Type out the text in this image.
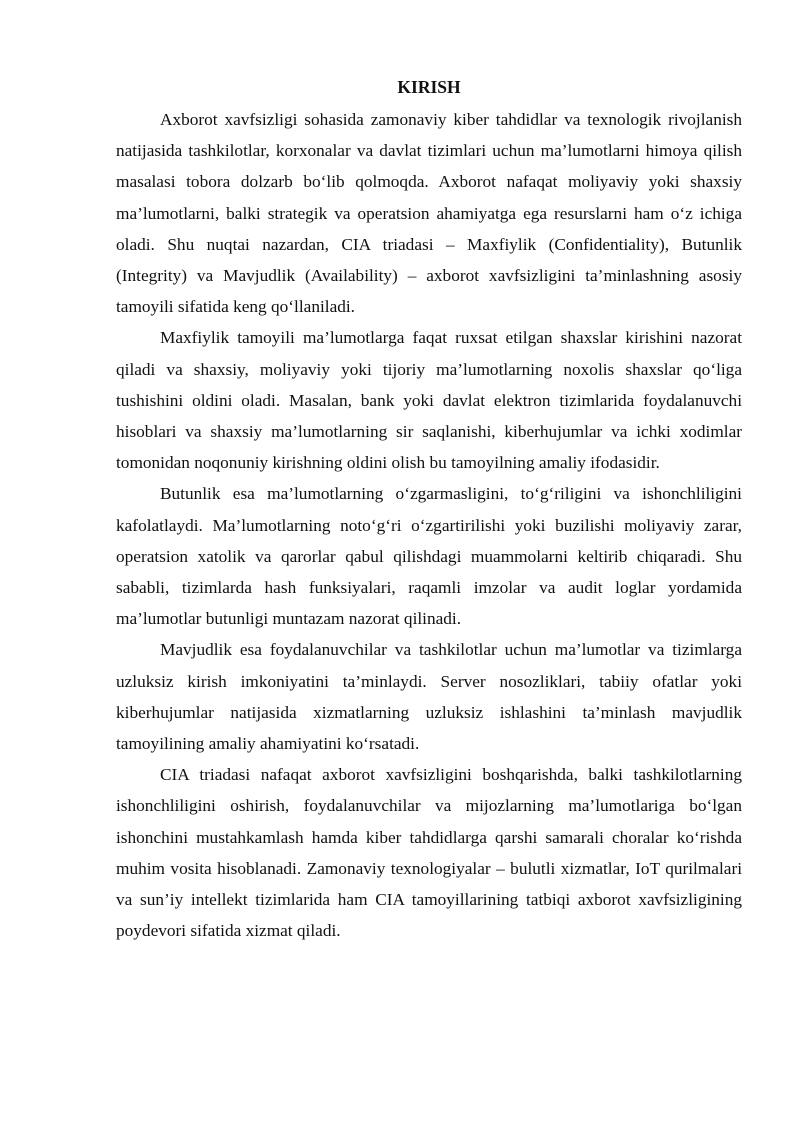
KIRISH

Axborot xavfsizligi sohasida zamonaviy kiber tahdidlar va texnologik rivojlanish natijasida tashkilotlar, korxonalar va davlat tizimlari uchun ma’lumotlarni himoya qilish masalasi tobora dolzarb bo‘lib qolmoqda. Axborot nafaqat moliyaviy yoki shaxsiy ma’lumotlarni, balki strategik va operatsion ahamiyatga ega resurslarni ham o‘z ichiga oladi. Shu nuqtai nazardan, CIA triadasi – Maxfiylik (Confidentiality), Butunlik (Integrity) va Mavjudlik (Availability) – axborot xavfsizligini ta’minlashning asosiy tamoyili sifatida keng qo‘llaniladi.

Maxfiylik tamoyili ma’lumotlarga faqat ruxsat etilgan shaxslar kirishini nazorat qiladi va shaxsiy, moliyaviy yoki tijoriy ma’lumotlarning noxolis shaxslar qo‘liga tushishini oldini oladi. Masalan, bank yoki davlat elektron tizimlarida foydalanuvchi hisoblari va shaxsiy ma’lumotlarning sir saqlanishi, kiberhujumlar va ichki xodimlar tomonidan noqonuniy kirishning oldini olish bu tamoyilning amaliy ifodasidir.

Butunlik esa ma’lumotlarning o‘zgarmasligini, to‘g‘riligini va ishonchliligini kafolatlaydi. Ma’lumotlarning noto‘g‘ri o‘zgartirilishi yoki buzilishi moliyaviy zarar, operatsion xatolik va qarorlar qabul qilishdagi muammolarni keltirib chiqaradi. Shu sababli, tizimlarda hash funksiyalari, raqamli imzolar va audit loglar yordamida ma’lumotlar butunligi muntazam nazorat qilinadi.

Mavjudlik esa foydalanuvchilar va tashkilotlar uchun ma’lumotlar va tizimlarga uzluksiz kirish imkoniyatini ta’minlaydi. Server nosozliklari, tabiiy ofatlar yoki kiberhujumlar natijasida xizmatlarning uzluksiz ishlashini ta’minlash mavjudlik tamoyilining amaliy ahamiyatini ko‘rsatadi.

CIA triadasi nafaqat axborot xavfsizligini boshqarishda, balki tashkilotlarning ishonchliligini oshirish, foydalanuvchilar va mijozlarning ma’lumotlariga bo‘lgan ishonchini mustahkamlash hamda kiber tahdidlarga qarshi samarali choralar ko‘rishda muhim vosita hisoblanadi. Zamonaviy texnologiyalar – bulutli xizmatlar, IoT qurilmalari va sun’iy intellekt tizimlarida ham CIA tamoyillarining tatbiqi axborot xavfsizligining poydevori sifatida xizmat qiladi.
